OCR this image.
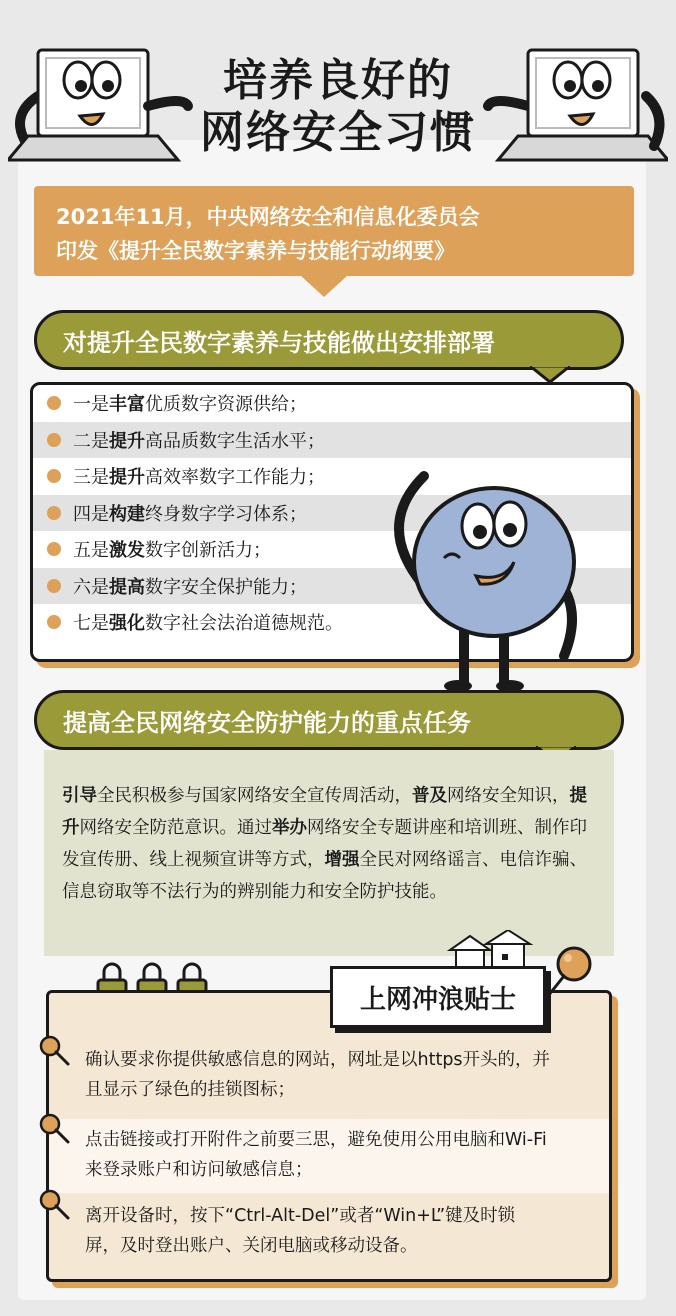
培养良好的
网络安全习惯
2021年11月，中央网络安全和信息化委员会
印发《提升全民数字素养与技能行动纲要》
对提升全民数字素养与技能做出安排部署
一是 丰富 优质数字资源供给；
二是 提升 高品质数字生活水平；
三是 提升 高效率数字工作能力；
四是 构建 终身数字学习体系；
五是 激发 数字创新活力；
六是 提高 数字安全保护能力；
七是 强化 数字社会法治道德规范。
提高全民网络安全防护能力的重点任务
引导全民积极参与国家网络安全宣传周活动，普及网络安全知识，提升网络安全防范意识。通过举办网络安全专题讲座和培训班、制作印发宣传册、线上视频宣讲等方式，增强全民对网络谣言、电信诈骗、信息窃取等不法行为的辨别能力和安全防护技能。
确认要求你提供敏感信息的网站，网址是以https开头的，并
且显示了绿色的挂锁图标；
点击链接或打开附件之前要三思，避免使用公用电脑和Wi-Fi
来登录账户和访问敏感信息；
离开设备时，按下“Ctrl-Alt-Del”或者“Win+L”键及时锁
屏，及时登出账户、关闭电脑或移动设备。
上网冲浪贴士
